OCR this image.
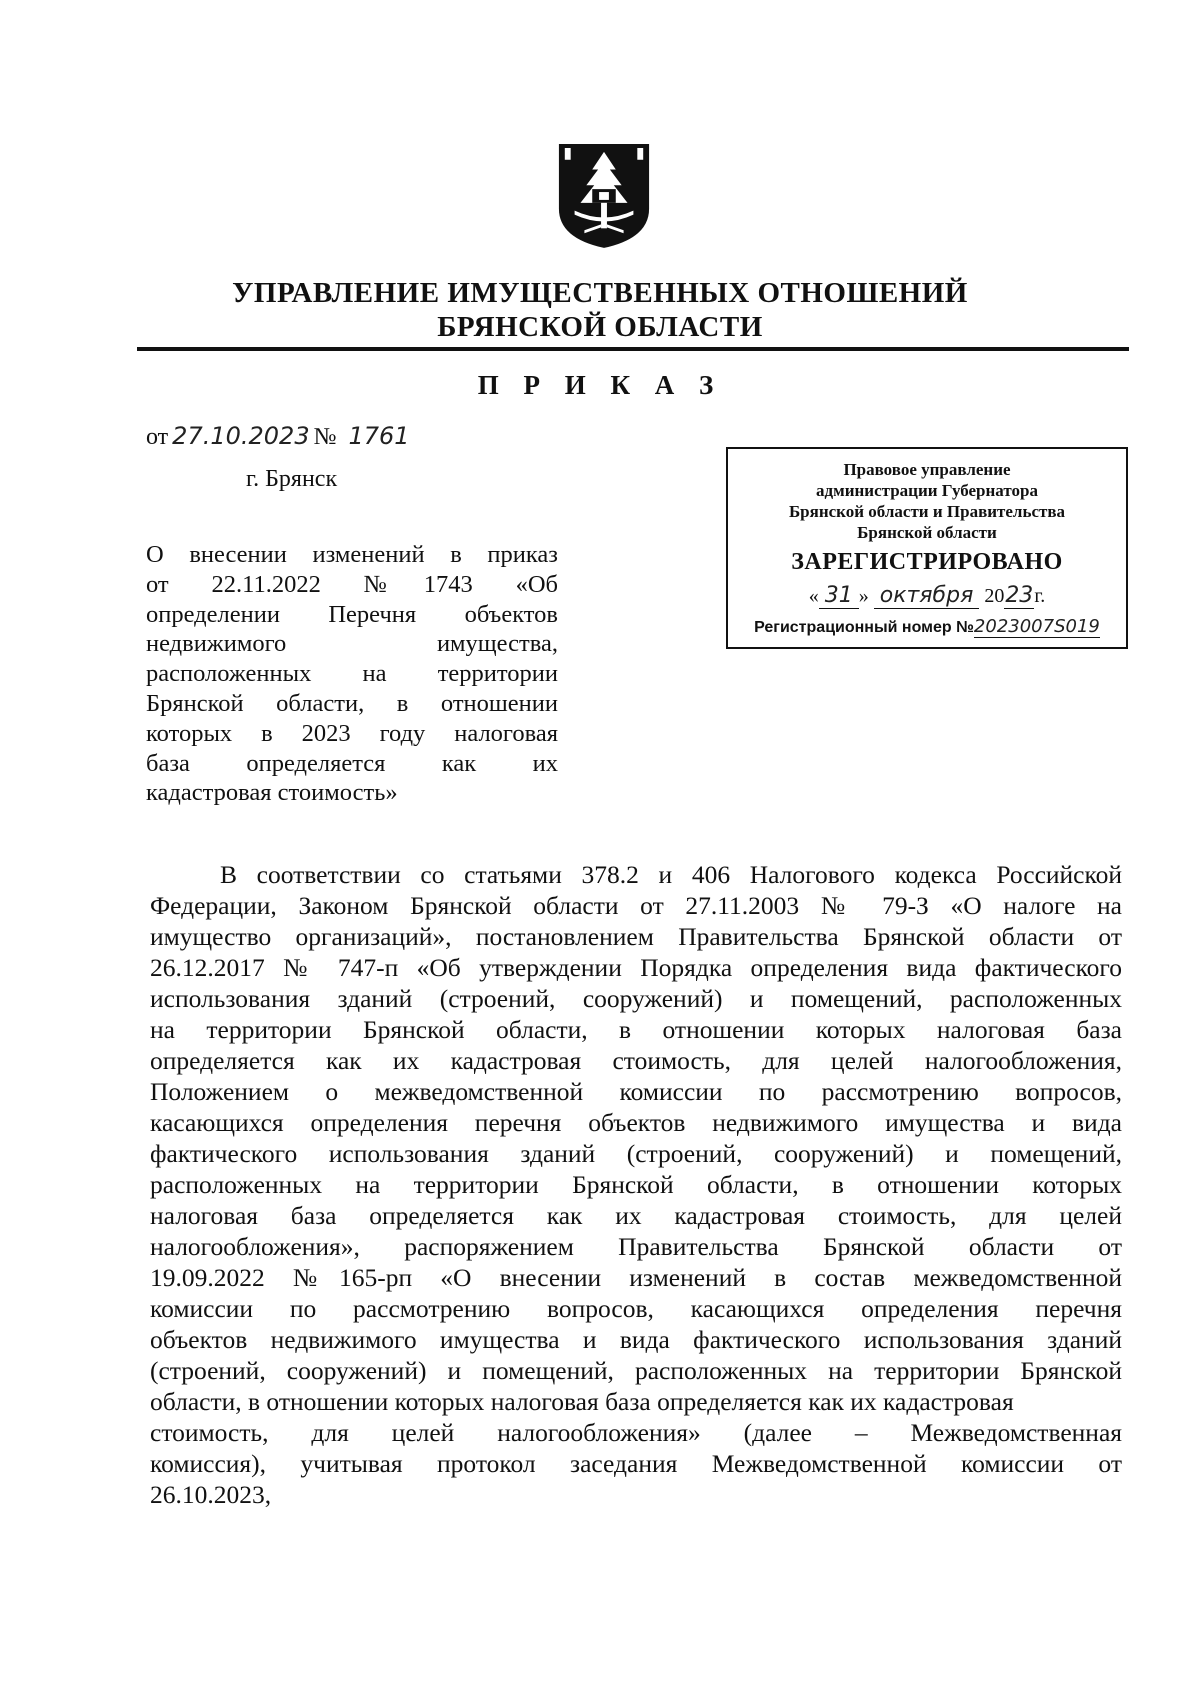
УПРАВЛЕНИЕ ИМУЩЕСТВЕННЫХ ОТНОШЕНИЙ
БРЯНСКОЙ ОБЛАСТИ
П Р И К А З
от 27.10.2023 № 1761
г. Брянск
О внесении изменений в приказ
от 22.11.2022 №1743 «Об
определении Перечня объектов
недвижимого имущества,
расположенных на территории
Брянской области, в отношении
которых в 2023 году налоговая
база определяется как их
кадастровая стоимость»
Правовое управление
администрации Губернатора
Брянской области и Правительства
Брянской области
ЗАРЕГИСТРИРОВАНО
« 31 » октября 2023г.
Регистрационный номер №2023007S019
В соответствии со статьями 378.2 и 406 Налогового кодекса Российской
Федерации, Законом Брянской области от 27.11.2003 № 79-З «О налоге на
имущество организаций», постановлением Правительства Брянской области от
26.12.2017 № 747-п «Об утверждении Порядка определения вида фактического
использования зданий (строений, сооружений) и помещений, расположенных
на территории Брянской области, в отношении которых налоговая база
определяется как их кадастровая стоимость, для целей налогообложения,
Положением о межведомственной комиссии по рассмотрению вопросов,
касающихся определения перечня объектов недвижимого имущества и вида
фактического использования зданий (строений, сооружений) и помещений,
расположенных на территории Брянской области, в отношении которых
налоговая база определяется как их кадастровая стоимость, для целей
налогообложения», распоряжением Правительства Брянской области от
19.09.2022 №165-рп «О внесении изменений в состав межведомственной
комиссии по рассмотрению вопросов, касающихся определения перечня
объектов недвижимого имущества и вида фактического использования зданий
(строений, сооружений) и помещений, расположенных на территории Брянской
области, в отношении которых налоговая база определяется как их кадастровая
стоимость, для целей налогообложения» (далее – Межведомственная
комиссия), учитывая протокол заседания Межведомственной комиссии от
26.10.2023,
